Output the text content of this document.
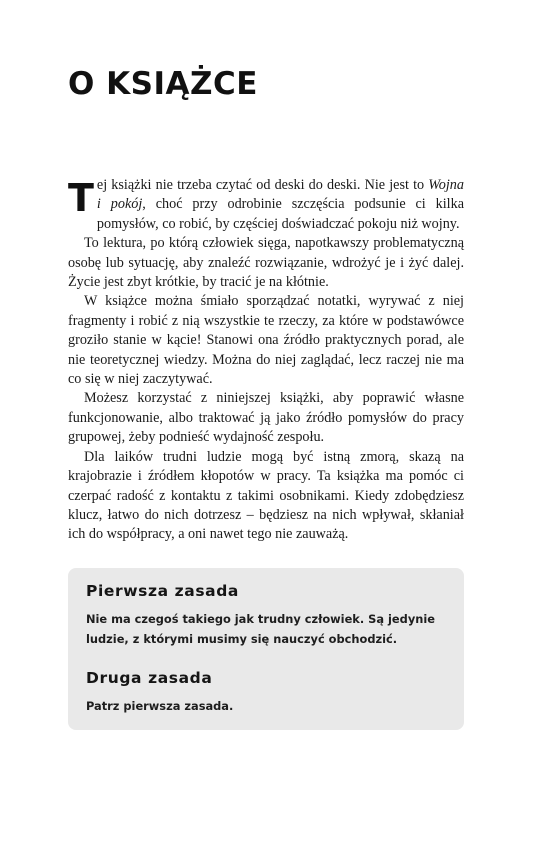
O KSIĄŻCE

Tej książki nie trzeba czytać od deski do deski. Nie jest to Wojna i pokój, choć przy odrobinie szczęścia podsunie ci kilka pomysłów, co robić, by częściej doświadczać pokoju niż wojny.

To lektura, po którą człowiek sięga, napotkawszy problematyczną osobę lub sytuację, aby znaleźć rozwiązanie, wdrożyć je i żyć dalej. Życie jest zbyt krótkie, by tracić je na kłótnie.

W książce można śmiało sporządzać notatki, wyrywać z niej fragmenty i robić z nią wszystkie te rzeczy, za które w podstawówce groziło stanie w kącie! Stanowi ona źródło praktycznych porad, ale nie teoretycznej wiedzy. Można do niej zaglądać, lecz raczej nie ma co się w niej zaczytywać.

Możesz korzystać z niniejszej książki, aby poprawić własne funkcjonowanie, albo traktować ją jako źródło pomysłów do pracy grupowej, żeby podnieść wydajność zespołu.

Dla laików trudni ludzie mogą być istną zmorą, skazą na krajobrazie i źródłem kłopotów w pracy. Ta książka ma pomóc ci czerpać radość z kontaktu z takimi osobnikami. Kiedy zdobędziesz klucz, łatwo do nich dotrzesz – będziesz na nich wpływał, skłaniał ich do współpracy, a oni nawet tego nie zauważą.

Pierwsza zasada

Nie ma czegoś takiego jak trudny człowiek. Są jedynie ludzie, z którymi musimy się nauczyć obchodzić.

Druga zasada

Patrz pierwsza zasada.
